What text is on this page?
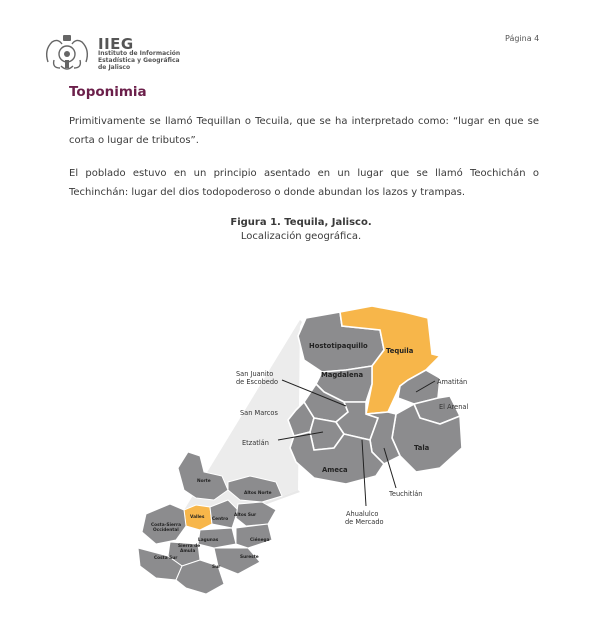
IIEG
Instituto de Información
Estadística y Geográfica
de Jalisco
Página 4
Toponimia
Primitivamente se llamó Tequillan o Tecuila, que se ha interpretado como: “lugar en que se corta o lugar de tributos”.
El poblado estuvo en un principio asentado en un lugar que se llamó Teochichán o Techinchán: lugar del dios todopoderoso o donde abundan los lazos y trampas.
Figura 1. Tequila, Jalisco.
Localización geográfica.
Norte
Altos Norte
Valles Centro
Altos Sur
Costa-Sierra
Occidental
Lagunas	Ciénega
Sierra de
Amula
Sureste
Costa Sur
Sur
Hostotipaquillo
Tequila
Magdalena
Tala
Ameca
San Juanito
de Escobedo
San Marcos
Etzatlán
Amatitán
El Arenal
Teuchitlán
Ahualulco
de Mercado
